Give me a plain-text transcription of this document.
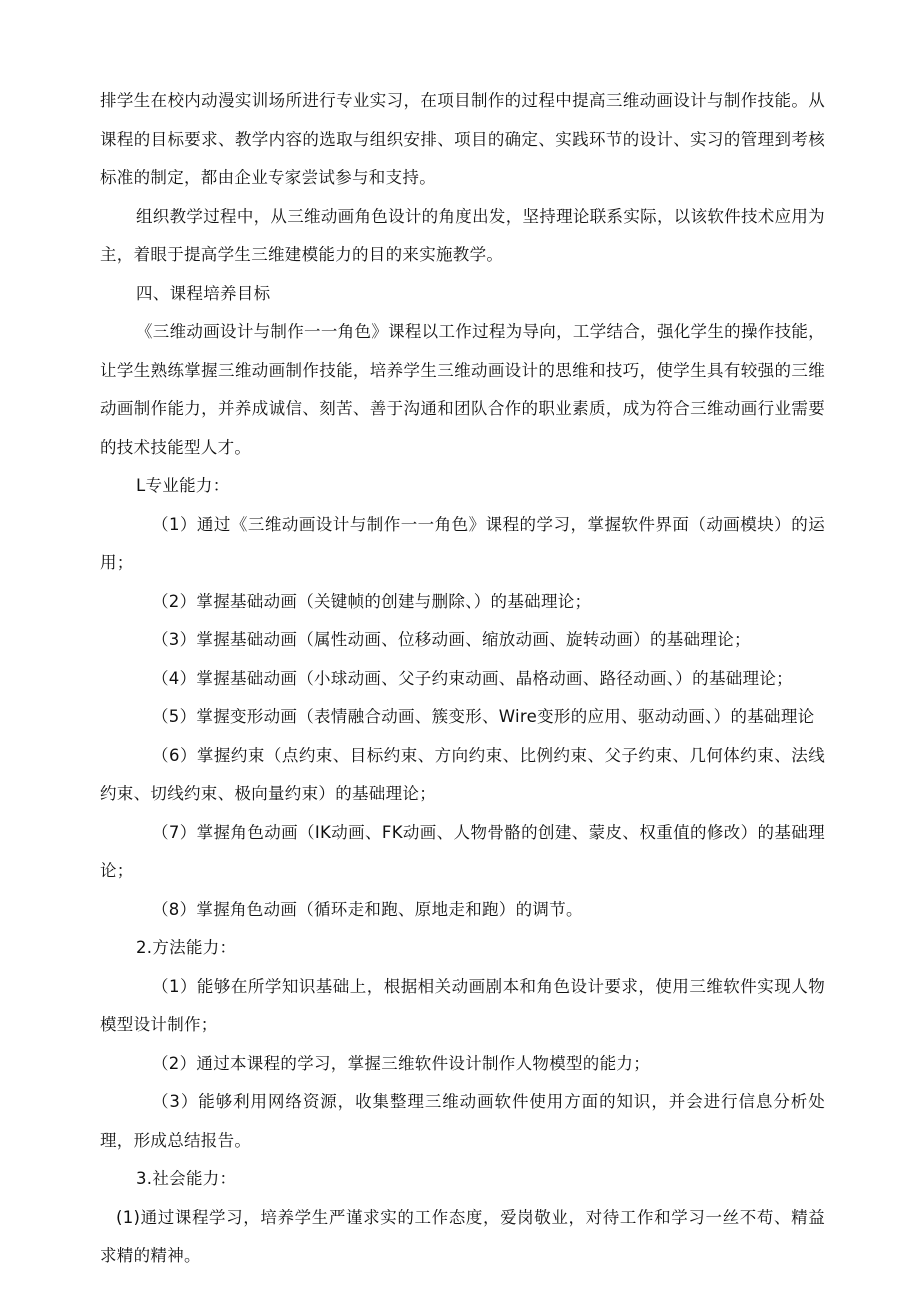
排学生在校内动漫实训场所进行专业实习，在项目制作的过程中提高三维动画设计与制作技能。从课程的目标要求、教学内容的选取与组织安排、项目的确定、实践环节的设计、实习的管理到考核标准的制定，都由企业专家尝试参与和支持。

组织教学过程中，从三维动画角色设计的角度出发，坚持理论联系实际，以该软件技术应用为主，着眼于提高学生三维建模能力的目的来实施教学。

四、课程培养目标

《三维动画设计与制作一一角色》课程以工作过程为导向，工学结合，强化学生的操作技能，让学生熟练掌握三维动画制作技能，培养学生三维动画设计的思维和技巧，使学生具有较强的三维动画制作能力，并养成诚信、刻苦、善于沟通和团队合作的职业素质，成为符合三维动画行业需要的技术技能型人才。

L专业能力：

（1）通过《三维动画设计与制作一一角色》课程的学习，掌握软件界面（动画模块）的运用；

（2）掌握基础动画（关键帧的创建与删除、）的基础理论；

（3）掌握基础动画（属性动画、位移动画、缩放动画、旋转动画）的基础理论；

（4）掌握基础动画（小球动画、父子约束动画、晶格动画、路径动画、）的基础理论；

（5）掌握变形动画（表情融合动画、簇变形、Wire变形的应用、驱动动画、）的基础理论

（6）掌握约束（点约束、目标约束、方向约束、比例约束、父子约束、几何体约束、法线约束、切线约束、极向量约束）的基础理论；

（7）掌握角色动画（IK动画、FK动画、人物骨骼的创建、蒙皮、权重值的修改）的基础理论；

（8）掌握角色动画（循环走和跑、原地走和跑）的调节。

2.方法能力：

（1）能够在所学知识基础上，根据相关动画剧本和角色设计要求，使用三维软件实现人物模型设计制作；

（2）通过本课程的学习，掌握三维软件设计制作人物模型的能力；

（3）能够利用网络资源，收集整理三维动画软件使用方面的知识，并会进行信息分析处理，形成总结报告。

3.社会能力：

(1)通过课程学习，培养学生严谨求实的工作态度，爱岗敬业，对待工作和学习一丝不苟、精益求精的精神。
